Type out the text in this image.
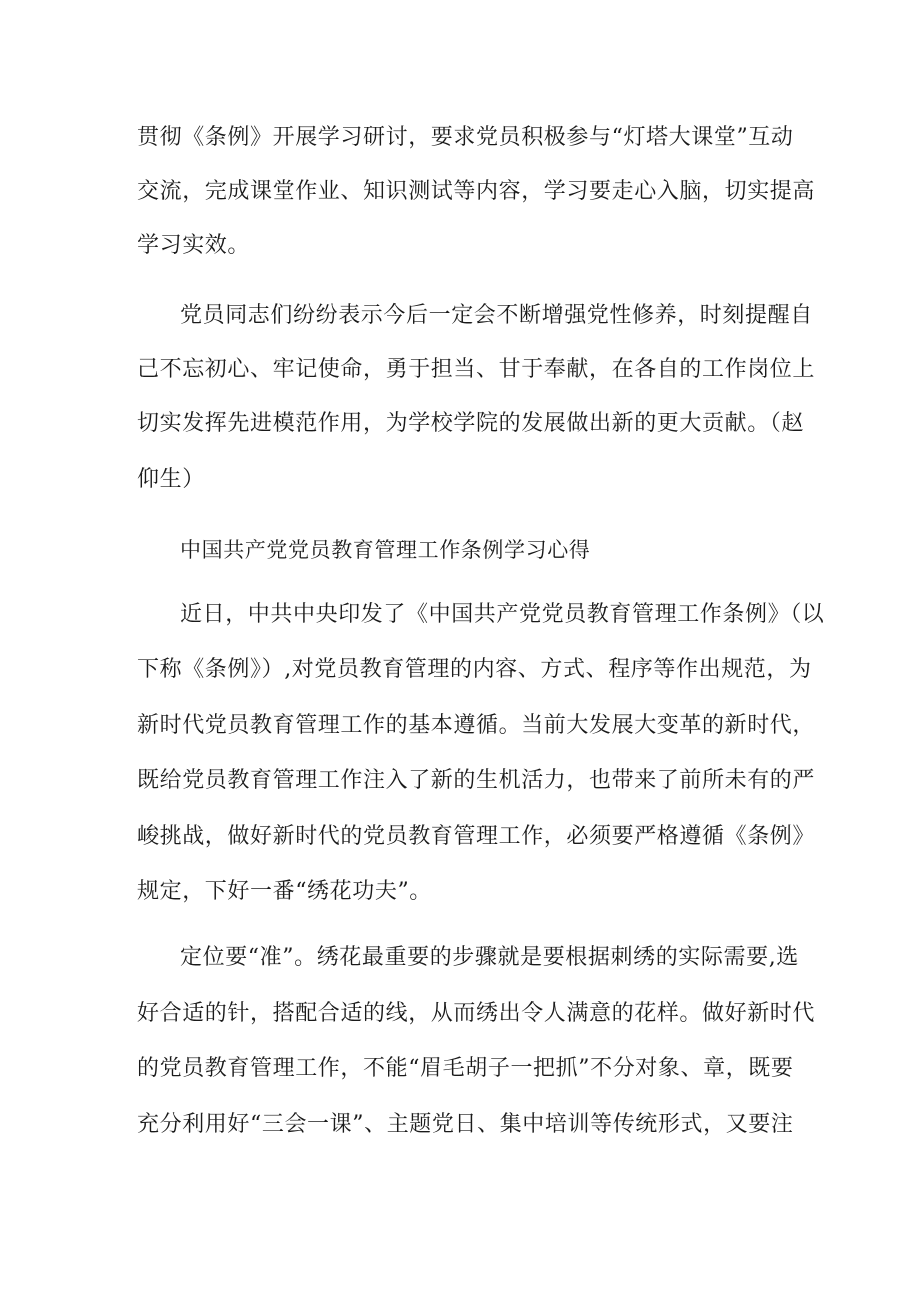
贯彻《条例》开展学习研讨，要求党员积极参与“灯塔大课堂”互动
交流，完成课堂作业、知识测试等内容，学习要走心入脑，切实提高
学习实效。
党员同志们纷纷表示今后一定会不断增强党性修养，时刻提醒自
己不忘初心、牢记使命，勇于担当、甘于奉献，在各自的工作岗位上
切实发挥先进模范作用，为学校学院的发展做出新的更大贡献。（赵
仰生）
中国共产党党员教育管理工作条例学习心得
近日，中共中央印发了《中国共产党党员教育管理工作条例》（以
下称《条例》）,对党员教育管理的内容、方式、程序等作出规范，为
新时代党员教育管理工作的基本遵循。当前大发展大变革的新时代，
既给党员教育管理工作注入了新的生机活力，也带来了前所未有的严
峻挑战，做好新时代的党员教育管理工作，必须要严格遵循《条例》
规定，下好一番“绣花功夫”。
定位要“准”。绣花最重要的步骤就是要根据刺绣的实际需要,选
好合适的针，搭配合适的线，从而绣出令人满意的花样。做好新时代
的党员教育管理工作，不能“眉毛胡子一把抓”不分对象、章，既要
充分利用好“三会一课”、主题党日、集中培训等传统形式，又要注
